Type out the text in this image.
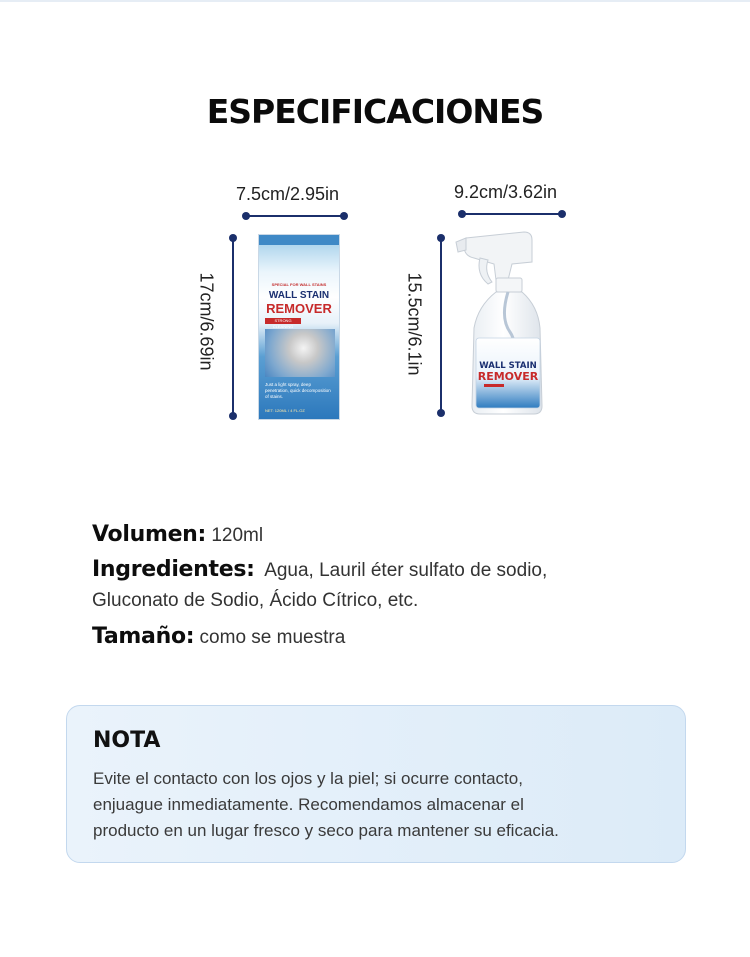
ESPECIFICACIONES
7.5cm/2.95in
17cm/6.69in	SPECIAL FOR WALL STAINS
WALL STAIN
REMOVER
STRONG CLEANING
Just a light spray, deep penetration, quick decomposition of stains.
NET: 120ML / 4 FL.OZ
9.2cm/3.62in
15.5cm/6.1in	WALL STAIN
REMOVER
Volumen: 120ml
Ingredientes: Agua, Lauril éter sulfato de sodio,
Gluconato de Sodio, Ácido Cítrico, etc.
Tamaño: como se muestra
NOTA
Evite el contacto con los ojos y la piel; si ocurre contacto,
enjuague inmediatamente. Recomendamos almacenar el
producto en un lugar fresco y seco para mantener su eficacia.
